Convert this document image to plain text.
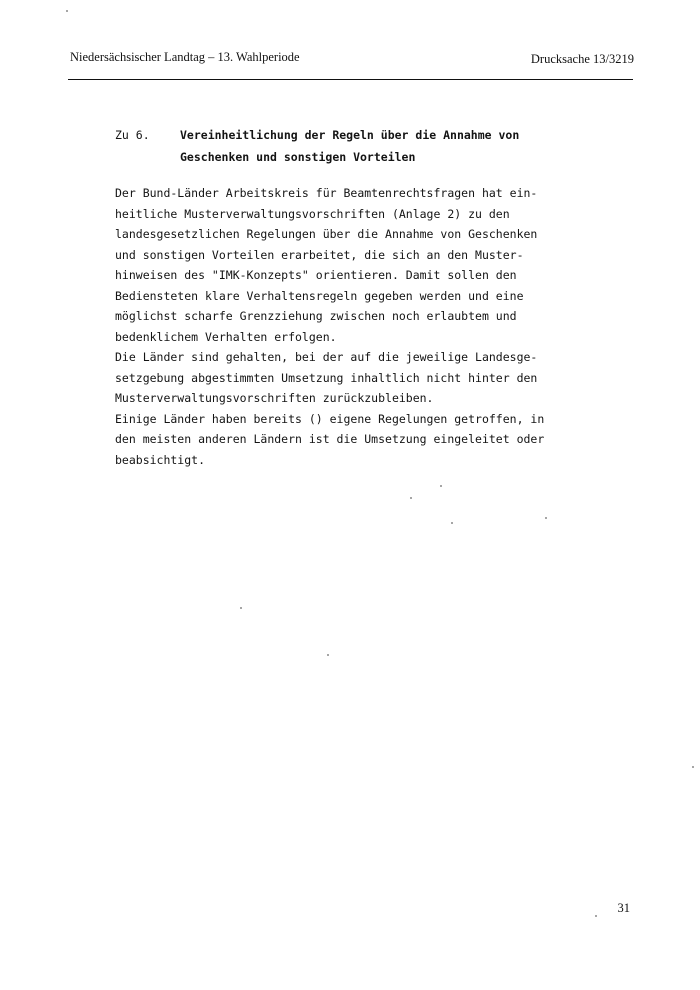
Niedersächsischer Landtag – 13. Wahlperiode	Drucksache 13/3219
Zu 6.	Vereinheitlichung der Regeln über die Annahme von Geschenken und sonstigen Vorteilen
Der Bund-Länder Arbeitskreis für Beamtenrechtsfragen hat ein-
heitliche Musterverwaltungsvorschriften (Anlage 2) zu den
landesgesetzlichen Regelungen über die Annahme von Geschenken
und sonstigen Vorteilen erarbeitet, die sich an den Muster-
hinweisen des "IMK-Konzepts" orientieren. Damit sollen den
Bediensteten klare Verhaltensregeln gegeben werden und eine
möglichst scharfe Grenzziehung zwischen noch erlaubtem und
bedenklichem Verhalten erfolgen.
Die Länder sind gehalten, bei der auf die jeweilige Landesge-
setzgebung abgestimmten Umsetzung inhaltlich nicht hinter den
Musterverwaltungsvorschriften zurückzubleiben.
Einige Länder haben bereits () eigene Regelungen getroffen, in
den meisten anderen Ländern ist die Umsetzung eingeleitet oder
beabsichtigt.
31
